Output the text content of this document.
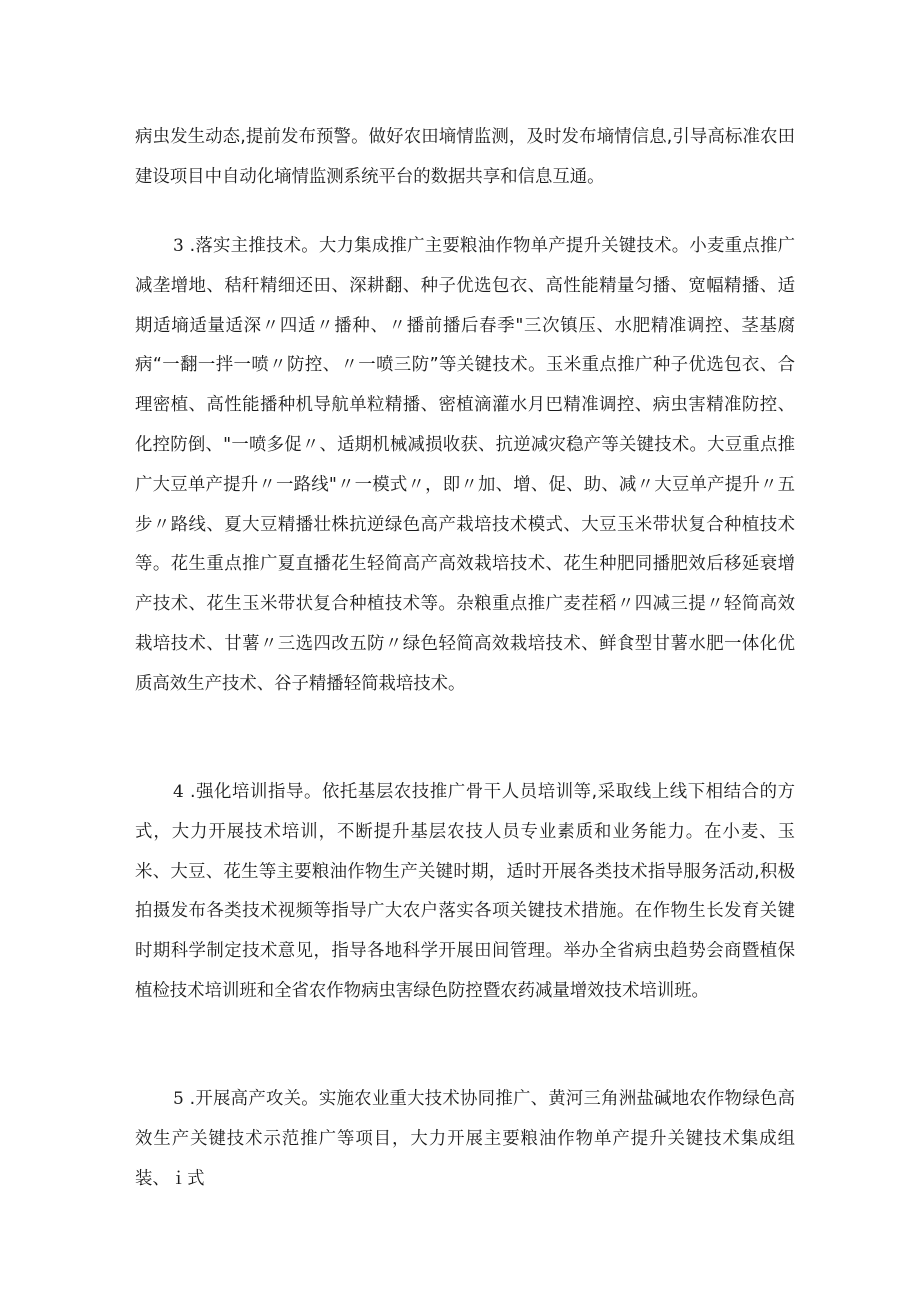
病虫发生动态,提前发布预警。做好农田墒情监测，及时发布墒情信息,引导高标准农田建设项目中自动化墒情监测系统平台的数据共享和信息互通。

3 .落实主推技术。大力集成推广主要粮油作物单产提升关键技术。小麦重点推广减垄增地、秸秆精细还田、深耕翻、种子优选包衣、高性能精量匀播、宽幅精播、适期适墒适量适深〃四适〃播种、〃播前播后春季"三次镇压、水肥精准调控、茎基腐病“一翻一拌一喷〃防控、〃一喷三防”等关键技术。玉米重点推广种子优选包衣、合理密植、高性能播种机导航单粒精播、密植滴灌水月巴精准调控、病虫害精准防控、化控防倒、"一喷多促〃、适期机械减损收获、抗逆减灾稳产等关键技术。大豆重点推广大豆单产提升〃一路线"〃一模式〃，即〃加、增、促、助、减〃大豆单产提升〃五步〃路线、夏大豆精播壮株抗逆绿色高产栽培技术模式、大豆玉米带状复合种植技术等。花生重点推广夏直播花生轻简高产高效栽培技术、花生种肥同播肥效后移延衰增产技术、花生玉米带状复合种植技术等。杂粮重点推广麦茬稻〃四减三提〃轻简高效栽培技术、甘薯〃三选四改五防〃绿色轻简高效栽培技术、鲜食型甘薯水肥一体化优质高效生产技术、谷子精播轻简栽培技术。

4 .强化培训指导。依托基层农技推广骨干人员培训等,采取线上线下相结合的方式，大力开展技术培训，不断提升基层农技人员专业素质和业务能力。在小麦、玉米、大豆、花生等主要粮油作物生产关键时期，适时开展各类技术指导服务活动,积极拍摄发布各类技术视频等指导广大农户落实各项关键技术措施。在作物生长发育关键时期科学制定技术意见，指导各地科学开展田间管理。举办全省病虫趋势会商暨植保植检技术培训班和全省农作物病虫害绿色防控暨农药减量增效技术培训班。

5 .开展高产攻关。实施农业重大技术协同推广、黄河三角洲盐碱地农作物绿色高效生产关键技术示范推广等项目，大力开展主要粮油作物单产提升关键技术集成组装、ｉ式
